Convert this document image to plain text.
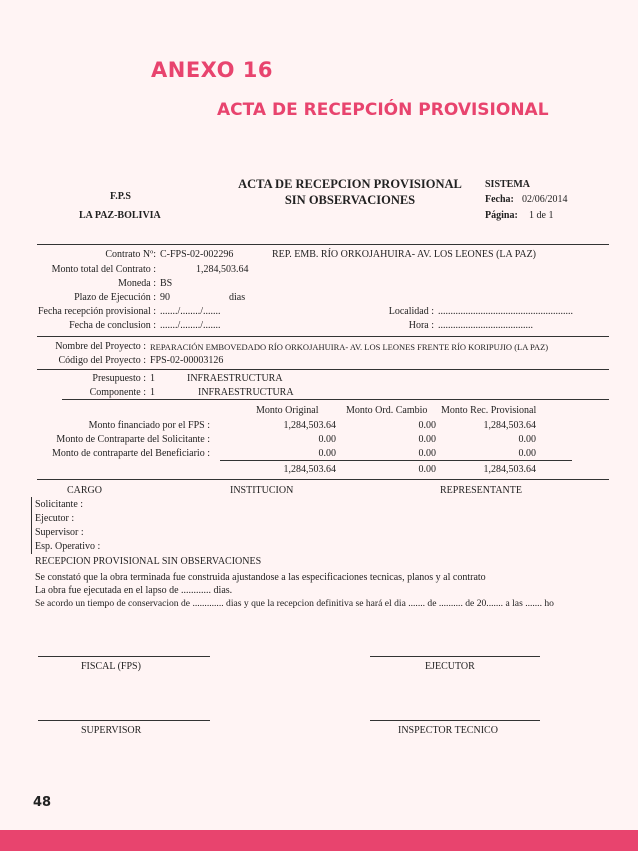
ANEXO 16
ACTA DE RECEPCIÓN PROVISIONAL
F.P.S
LA PAZ-BOLIVIA
ACTA DE RECEPCION PROVISIONAL
SIN OBSERVACIONES
SISTEMA
Fecha: 02/06/2014
Página: 1 de 1
Contrato Nº: C-FPS-02-002296	REP. EMB. RÍO ORKOJAHUIRA- AV. LOS LEONES (LA PAZ)
Monto total del Contrato :	1,284,503.64
Moneda : BS
Plazo de Ejecución : 90	dias
Fecha recepción provisional : ......./......../.......	Localidad : ......................................................
Fecha de conclusion : ......./......../.......	Hora : ......................................
Nombre del Proyecto : REPARACIÓN EMBOVEDADO RÍO ORKOJAHUIRA- AV. LOS LEONES FRENTE RÍO KORIPUJIO (LA PAZ)
Código del Proyecto : FPS-02-00003126
Presupuesto : 1	INFRAESTRUCTURA
Componente : 1	INFRAESTRUCTURA
Monto Original	Monto Ord. Cambio Monto Rec. Provisional
Monto financiado por el FPS :	1,284,503.64	0.00	1,284,503.64
Monto de Contraparte del Solicitante :	0.00	0.00	0.00
Monto de contraparte del Beneficiario :	0.00	0.00	0.00
1,284,503.64	0.00	1,284,503.64
CARGO	INSTITUCION	REPRESENTANTE
Solicitante :
Ejecutor :
Supervisor :
Esp. Operativo :
RECEPCION PROVISIONAL SIN OBSERVACIONES
Se constató que la obra terminada fue construida ajustandose a las especificaciones tecnicas, planos y al contrato
La obra fue ejecutada en el lapso de ............ dias.
Se acordo un tiempo de conservacion de ............. dias y que la recepcion definitiva se hará el dia ....... de .......... de 20....... a las ....... ho
FISCAL (FPS)	EJECUTOR
SUPERVISOR	INSPECTOR TECNICO
48
